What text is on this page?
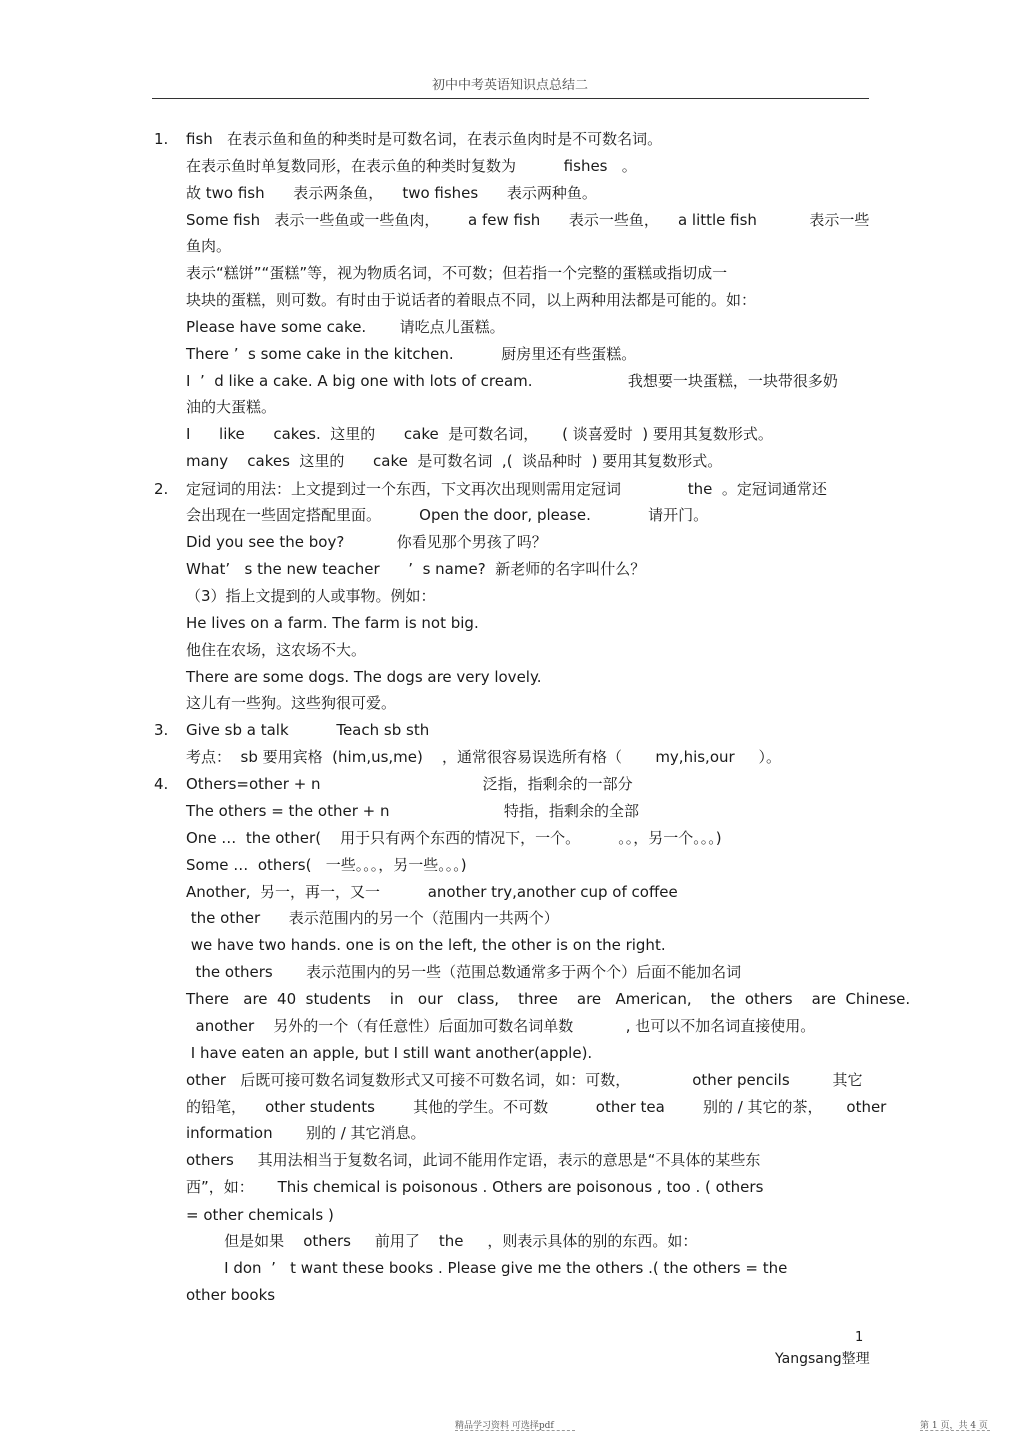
初中中考英语知识点总结二
1.
2.
3.
4.
fish   在表示鱼和鱼的种类时是可数名词，在表示鱼肉时是不可数名词。
在表示鱼时单复数同形，在表示鱼的种类时复数为          fishes   。
故 two fish      表示两条鱼，    two fishes      表示两种鱼。
Some fish   表示一些鱼或一些鱼肉，      a few fish      表示一些鱼，    a little fish           表示一些
鱼肉。
表示“糕饼”“蛋糕”等，视为物质名词，不可数；但若指一个完整的蛋糕或指切成一
块块的蛋糕，则可数。有时由于说话者的着眼点不同，以上两种用法都是可能的。如：
Please have some cake.       请吃点儿蛋糕。
There ’  s some cake in the kitchen.          厨房里还有些蛋糕。
I  ’  d like a cake. A big one with lots of cream.                    我想要一块蛋糕，一块带很多奶
油的大蛋糕。
I      like      cakes.  这里的      cake  是可数名词，     ( 谈喜爱时  ) 要用其复数形式。
many    cakes  这里的      cake  是可数名词  ,(  谈品种时  ) 要用其复数形式。
定冠词的用法：上文提到过一个东西，下文再次出现则需用定冠词              the  。定冠词通常还
会出现在一些固定搭配里面。        Open the door, please.            请开门。
Did you see the boy?           你看见那个男孩了吗？
What’   s the new teacher      ’  s name?  新老师的名字叫什么？
（3）指上文提到的人或事物。例如：
He lives on a farm. The farm is not big.
他住在农场，这农场不大。
There are some dogs. The dogs are very lovely.
这儿有一些狗。这些狗很可爱。
Give sb a talk          Teach sb sth
考点：  sb 要用宾格  (him,us,me)    ，通常很容易误选所有格（       my,his,our     ）。
Others=other + n                                  泛指，指剩余的一部分
The others = the other + n                        特指，指剩余的全部
One …  the other(    用于只有两个东西的情况下，一个。        。。，另一个。。。)
Some …  others(   一些。。。，另一些。。。)
Another,  另一，再一，又一          another try,another cup of coffee
the other      表示范围内的另一个（范围内一共两个）
we have two hands. one is on the left, the other is on the right.
the others       表示范围内的另一些（范围总数通常多于两个个）后面不能加名词
There   are  40  students    in   our   class,    three    are   American,    the  others    are  Chinese.
another    另外的一个（有任意性）后面加可数名词单数           , 也可以不加名词直接使用。
I have eaten an apple, but I still want another(apple).
other   后既可接可数名词复数形式又可接不可数名词，如：可数，             other pencils         其它
的铅笔，    other students        其他的学生。不可数          other tea        别的 / 其它的茶，     other
information       别的 / 其它消息。
others     其用法相当于复数名词，此词不能用作定语，表示的意思是“不具体的某些东
西”，如：     This chemical is poisonous . Others are poisonous , too . ( others
= other chemicals )
但是如果    others     前用了    the     ，则表示具体的别的东西。如：
I don  ’   t want these books . Please give me the others .( the others = the
other books
1
Yangsang整理
精品学习资料 可选择pdf	第 1 页，共 4 页
